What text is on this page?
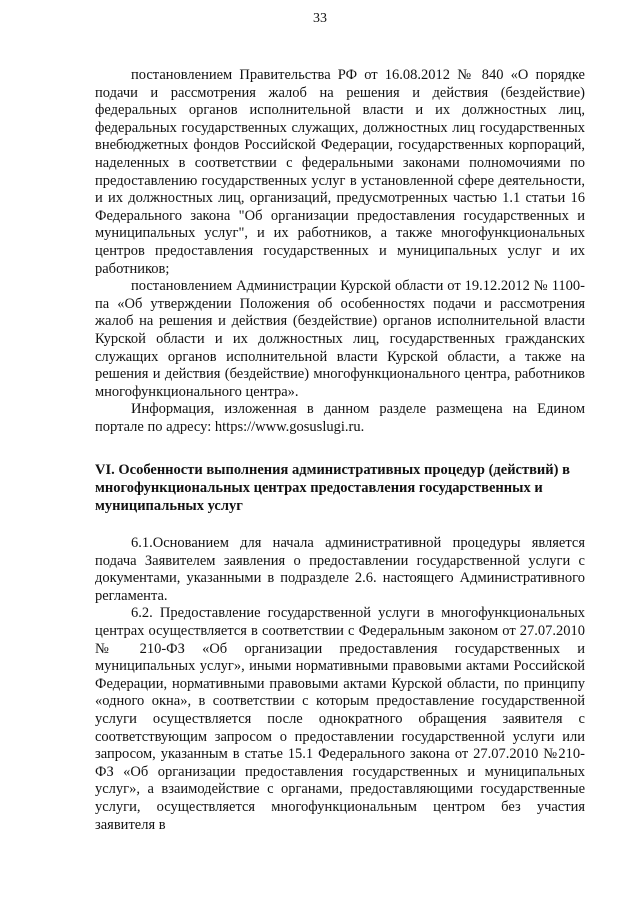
33

постановлением Правительства РФ от 16.08.2012 № 840 «О порядке подачи и рассмотрения жалоб на решения и действия (бездействие) федеральных органов исполнительной власти и их должностных лиц, федеральных государственных служащих, должностных лиц государственных внебюджетных фондов Российской Федерации, государственных корпораций, наделенных в соответствии с федеральными законами полномочиями по предоставлению государственных услуг в установленной сфере деятельности, и их должностных лиц, организаций, предусмотренных частью 1.1 статьи 16 Федерального закона "Об организации предоставления государственных и муниципальных услуг", и их работников, а также многофункциональных центров предоставления государственных и муниципальных услуг и их работников;

постановлением Администрации Курской области от 19.12.2012 № 1100-па «Об утверждении Положения об особенностях подачи и рассмотрения жалоб на решения и действия (бездействие) органов исполнительной власти Курской области и их должностных лиц, государственных гражданских служащих органов исполнительной власти Курской области, а также на решения и действия (бездействие) многофункционального центра, работников многофункционального центра».

Информация, изложенная в данном разделе размещена на Едином портале по адресу: https://www.gosuslugi.ru.

VI. Особенности выполнения административных процедур (действий) в многофункциональных центрах предоставления государственных и муниципальных услуг

6.1.Основанием для начала административной процедуры является подача Заявителем заявления о предоставлении государственной услуги с документами, указанными в подразделе 2.6. настоящего Административного регламента.

6.2. Предоставление государственной услуги в многофункциональных центрах осуществляется в соответствии с Федеральным законом от 27.07.2010 № 210-ФЗ «Об организации предоставления государственных и муниципальных услуг», иными нормативными правовыми актами Российской Федерации, нормативными правовыми актами Курской области, по принципу «одного окна», в соответствии с которым предоставление государственной услуги осуществляется после однократного обращения заявителя с соответствующим запросом о предоставлении государственной услуги или запросом, указанным в статье 15.1 Федерального закона от 27.07.2010 №210-ФЗ «Об организации предоставления государственных и муниципальных услуг», а взаимодействие с органами, предоставляющими государственные услуги, осуществляется многофункциональным центром без участия заявителя в
